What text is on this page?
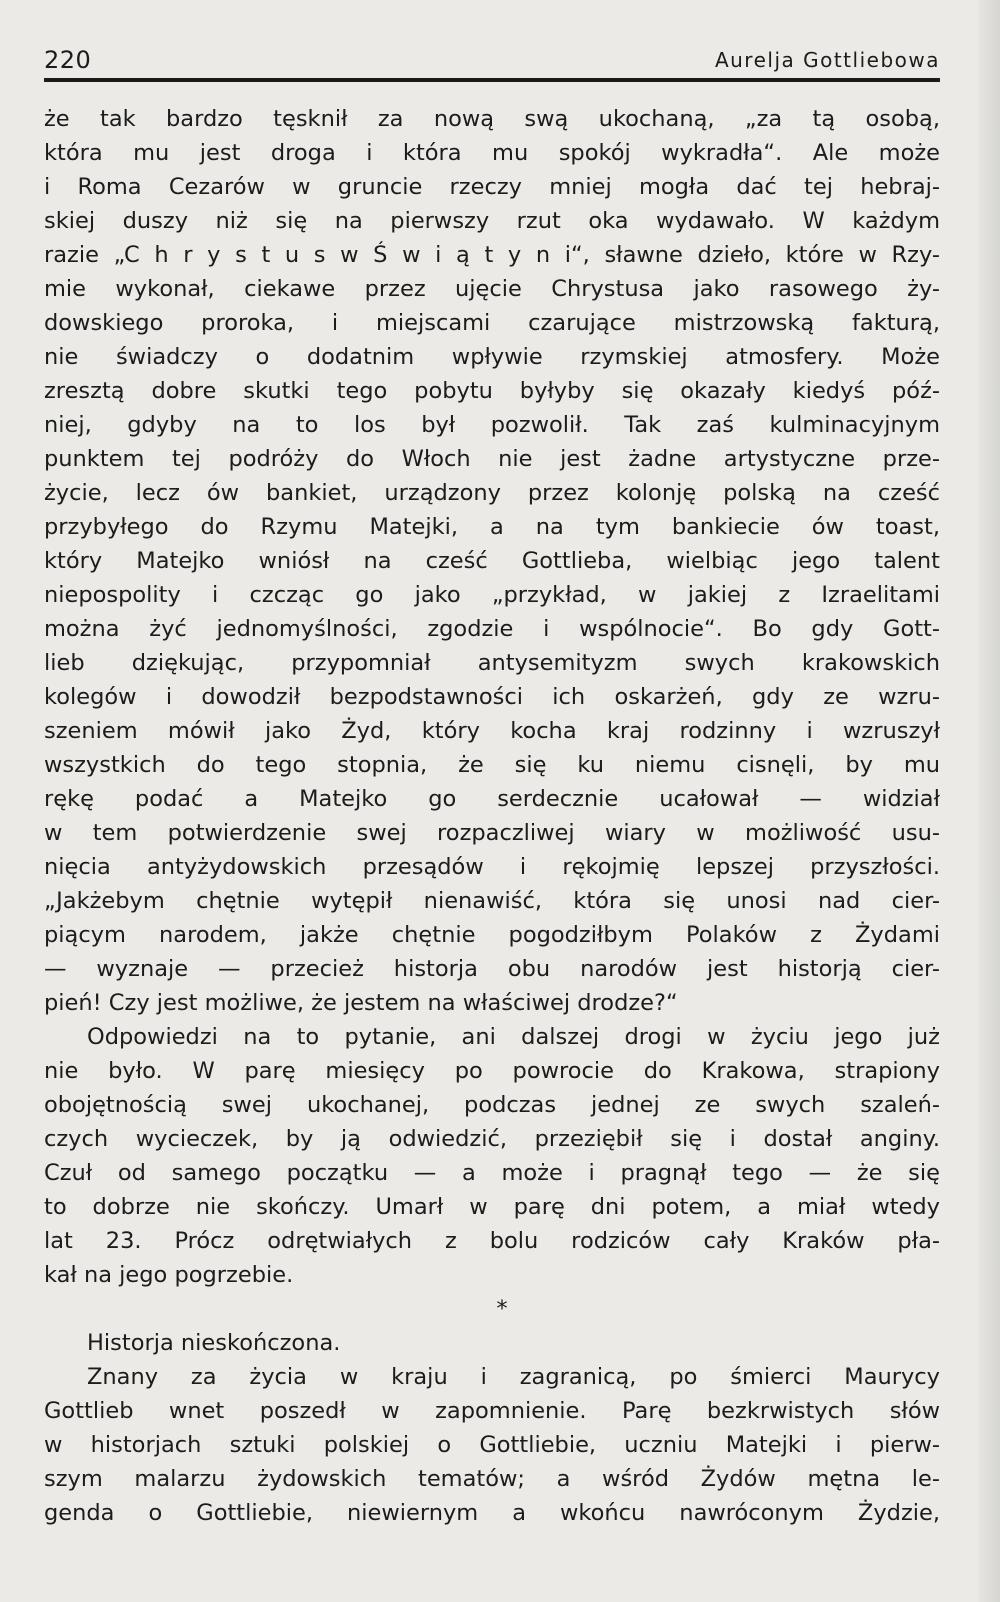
220	Aurelja Gottliebowa
że tak bardzo tęsknił za nową swą ukochaną, „za tą osobą,
która mu jest droga i która mu spokój wykradła“. Ale może
i Roma Cezarów w gruncie rzeczy mniej mogła dać tej hebraj-
skiej duszy niż się na pierwszy rzut oka wydawało. W każdym
razie „C h r y s t u s w Ś w i ą t y n i“, sławne dzieło, które w Rzy-
mie wykonał, ciekawe przez ujęcie Chrystusa jako rasowego ży-
dowskiego proroka, i miejscami czarujące mistrzowską fakturą,
nie świadczy o dodatnim wpływie rzymskiej atmosfery. Może
zresztą dobre skutki tego pobytu byłyby się okazały kiedyś póź-
niej, gdyby na to los był pozwolił. Tak zaś kulminacyjnym
punktem tej podróży do Włoch nie jest żadne artystyczne prze-
życie, lecz ów bankiet, urządzony przez kolonję polską na cześć
przybyłego do Rzymu Matejki, a na tym bankiecie ów toast,
który Matejko wniósł na cześć Gottlieba, wielbiąc jego talent
niepospolity i czcząc go jako „przykład, w jakiej z Izraelitami
można żyć jednomyślności, zgodzie i wspólnocie“. Bo gdy Gott-
lieb dziękując, przypomniał antysemityzm swych krakowskich
kolegów i dowodził bezpodstawności ich oskarżeń, gdy ze wzru-
szeniem mówił jako Żyd, który kocha kraj rodzinny i wzruszył
wszystkich do tego stopnia, że się ku niemu cisnęli, by mu
rękę podać a Matejko go serdecznie ucałował — widział
w tem potwierdzenie swej rozpaczliwej wiary w możliwość usu-
nięcia antyżydowskich przesądów i rękojmię lepszej przyszłości.
„Jakżebym chętnie wytępił nienawiść, która się unosi nad cier-
piącym narodem, jakże chętnie pogodziłbym Polaków z Żydami
— wyznaje — przecież historja obu narodów jest historją cier-
pień! Czy jest możliwe, że jestem na właściwej drodze?“
Odpowiedzi na to pytanie, ani dalszej drogi w życiu jego już
nie było. W parę miesięcy po powrocie do Krakowa, strapiony
obojętnością swej ukochanej, podczas jednej ze swych szaleń-
czych wycieczek, by ją odwiedzić, przeziębił się i dostał anginy.
Czuł od samego początku — a może i pragnął tego — że się
to dobrze nie skończy. Umarł w parę dni potem, a miał wtedy
lat 23. Prócz odrętwiałych z bolu rodziców cały Kraków pła-
kał na jego pogrzebie.
*
Historja nieskończona.
Znany za życia w kraju i zagranicą, po śmierci Maurycy
Gottlieb wnet poszedł w zapomnienie. Parę bezkrwistych słów
w historjach sztuki polskiej o Gottliebie, uczniu Matejki i pierw-
szym malarzu żydowskich tematów; a wśród Żydów mętna le-
genda o Gottliebie, niewiernym a wkońcu nawróconym Żydzie,
